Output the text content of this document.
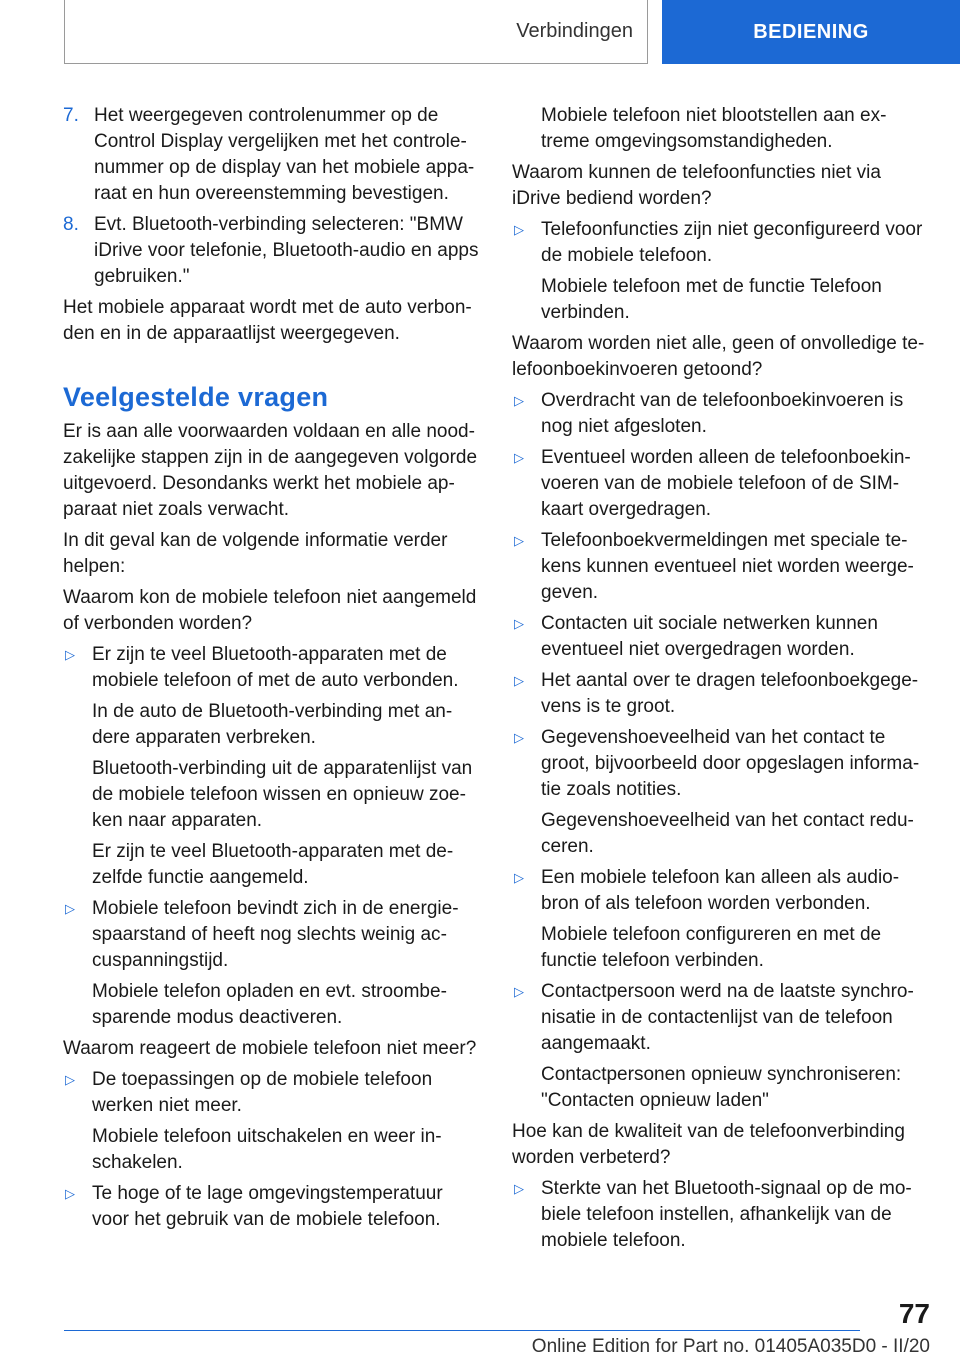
Verbindingen	BEDIENING
7. Het weergegeven controlenummer op de Control Display vergelijken met het controlenummer op de display van het mobiele apparaat en hun overeenstemming bevestigen.
8. Evt. Bluetooth-verbinding selecteren: "BMW iDrive voor telefonie, Bluetooth-audio en apps gebruiken."

Het mobiele apparaat wordt met de auto verbonden en in de apparaatlijst weergegeven.

Veelgestelde vragen

Er is aan alle voorwaarden voldaan en alle noodzakelijke stappen zijn in de aangegeven volgorde uitgevoerd. Desondanks werkt het mobiele apparaat niet zoals verwacht.

In dit geval kan de volgende informatie verder helpen:

Waarom kon de mobiele telefoon niet aangemeld of verbonden worden?

▷ Er zijn te veel Bluetooth-apparaten met de mobiele telefoon of met de auto verbonden.

In de auto de Bluetooth-verbinding met andere apparaten verbreken.

Bluetooth-verbinding uit de apparatenlijst van de mobiele telefoon wissen en opnieuw zoeken naar apparaten.

Er zijn te veel Bluetooth-apparaten met dezelfde functie aangemeld.

▷ Mobiele telefoon bevindt zich in de energiespaarstand of heeft nog slechts weinig accuspanningstijd.

Mobiele telefon opladen en evt. stroombesparende modus deactiveren.

Waarom reageert de mobiele telefoon niet meer?

▷ De toepassingen op de mobiele telefoon werken niet meer.

Mobiele telefoon uitschakelen en weer inschakelen.

▷ Te hoge of te lage omgevingstemperatuur voor het gebruik van de mobiele telefoon.

Mobiele telefoon niet blootstellen aan extreme omgevingsomstandigheden.

Waarom kunnen de telefoonfuncties niet via iDrive bediend worden?

▷ Telefoonfuncties zijn niet geconfigureerd voor de mobiele telefoon.

Mobiele telefoon met de functie Telefoon verbinden.

Waarom worden niet alle, geen of onvolledige telefoonboekinvoeren getoond?

▷ Overdracht van de telefoonboekinvoeren is nog niet afgesloten.
▷ Eventueel worden alleen de telefoonboekinvoeren van de mobiele telefoon of de SIM-kaart overgedragen.
▷ Telefoonboekvermeldingen met speciale tekens kunnen eventueel niet worden weergegeven.
▷ Contacten uit sociale netwerken kunnen eventueel niet overgedragen worden.
▷ Het aantal over te dragen telefoonboekgegevens is te groot.
▷ Gegevenshoeveelheid van het contact te groot, bijvoorbeeld door opgeslagen informatie zoals notities.

Gegevenshoeveelheid van het contact reduceren.

▷ Een mobiele telefoon kan alleen als audiobron of als telefoon worden verbonden.

Mobiele telefoon configureren en met de functie telefoon verbinden.

▷ Contactpersoon werd na de laatste synchronisatie in de contactenlijst van de telefoon aangemaakt.

Contactpersonen opnieuw synchroniseren: "Contacten opnieuw laden"

Hoe kan de kwaliteit van de telefoonverbinding worden verbeterd?

▷ Sterkte van het Bluetooth-signaal op de mobiele telefoon instellen, afhankelijk van de mobiele telefoon.
77
Online Edition for Part no. 01405A035D0 - II/20
